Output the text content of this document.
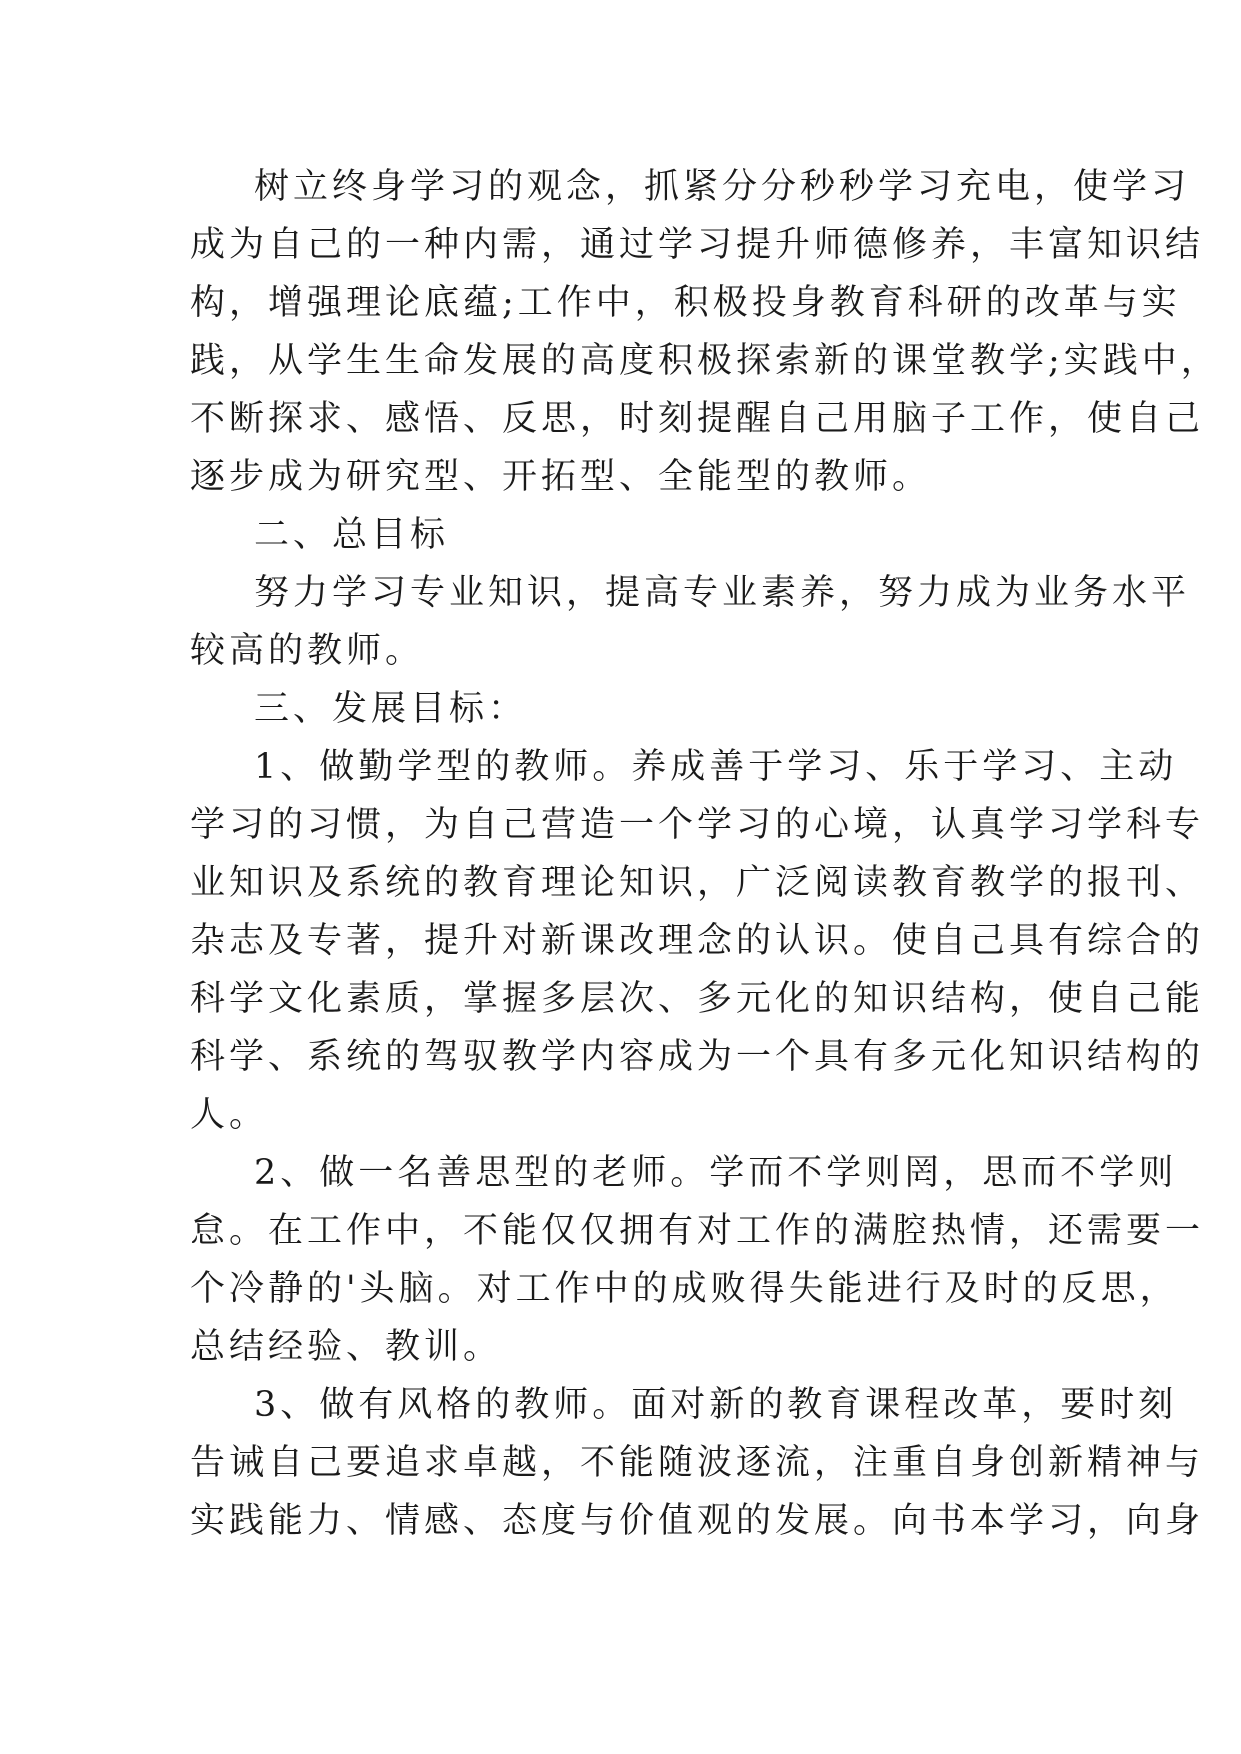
树立终身学习的观念，抓紧分分秒秒学习充电，使学习
成为自己的一种内需，通过学习提升师德修养，丰富知识结
构，增强理论底蕴;工作中，积极投身教育科研的改革与实
践，从学生生命发展的高度积极探索新的课堂教学;实践中，
不断探求、感悟、反思，时刻提醒自己用脑子工作，使自己
逐步成为研究型、开拓型、全能型的教师。
二、总目标
努力学习专业知识，提高专业素养，努力成为业务水平
较高的教师。
三、发展目标：
1、做勤学型的教师。养成善于学习、乐于学习、主动
学习的习惯，为自己营造一个学习的心境，认真学习学科专
业知识及系统的教育理论知识，广泛阅读教育教学的报刊、
杂志及专著，提升对新课改理念的认识。使自己具有综合的
科学文化素质，掌握多层次、多元化的知识结构，使自己能
科学、系统的驾驭教学内容成为一个具有多元化知识结构的
人。
2、做一名善思型的老师。学而不学则罔，思而不学则
怠。在工作中，不能仅仅拥有对工作的满腔热情，还需要一
个冷静的'头脑。对工作中的成败得失能进行及时的反思，
总结经验、教训。
3、做有风格的教师。面对新的教育课程改革，要时刻
告诫自己要追求卓越，不能随波逐流，注重自身创新精神与
实践能力、情感、态度与价值观的发展。向书本学习，向身
